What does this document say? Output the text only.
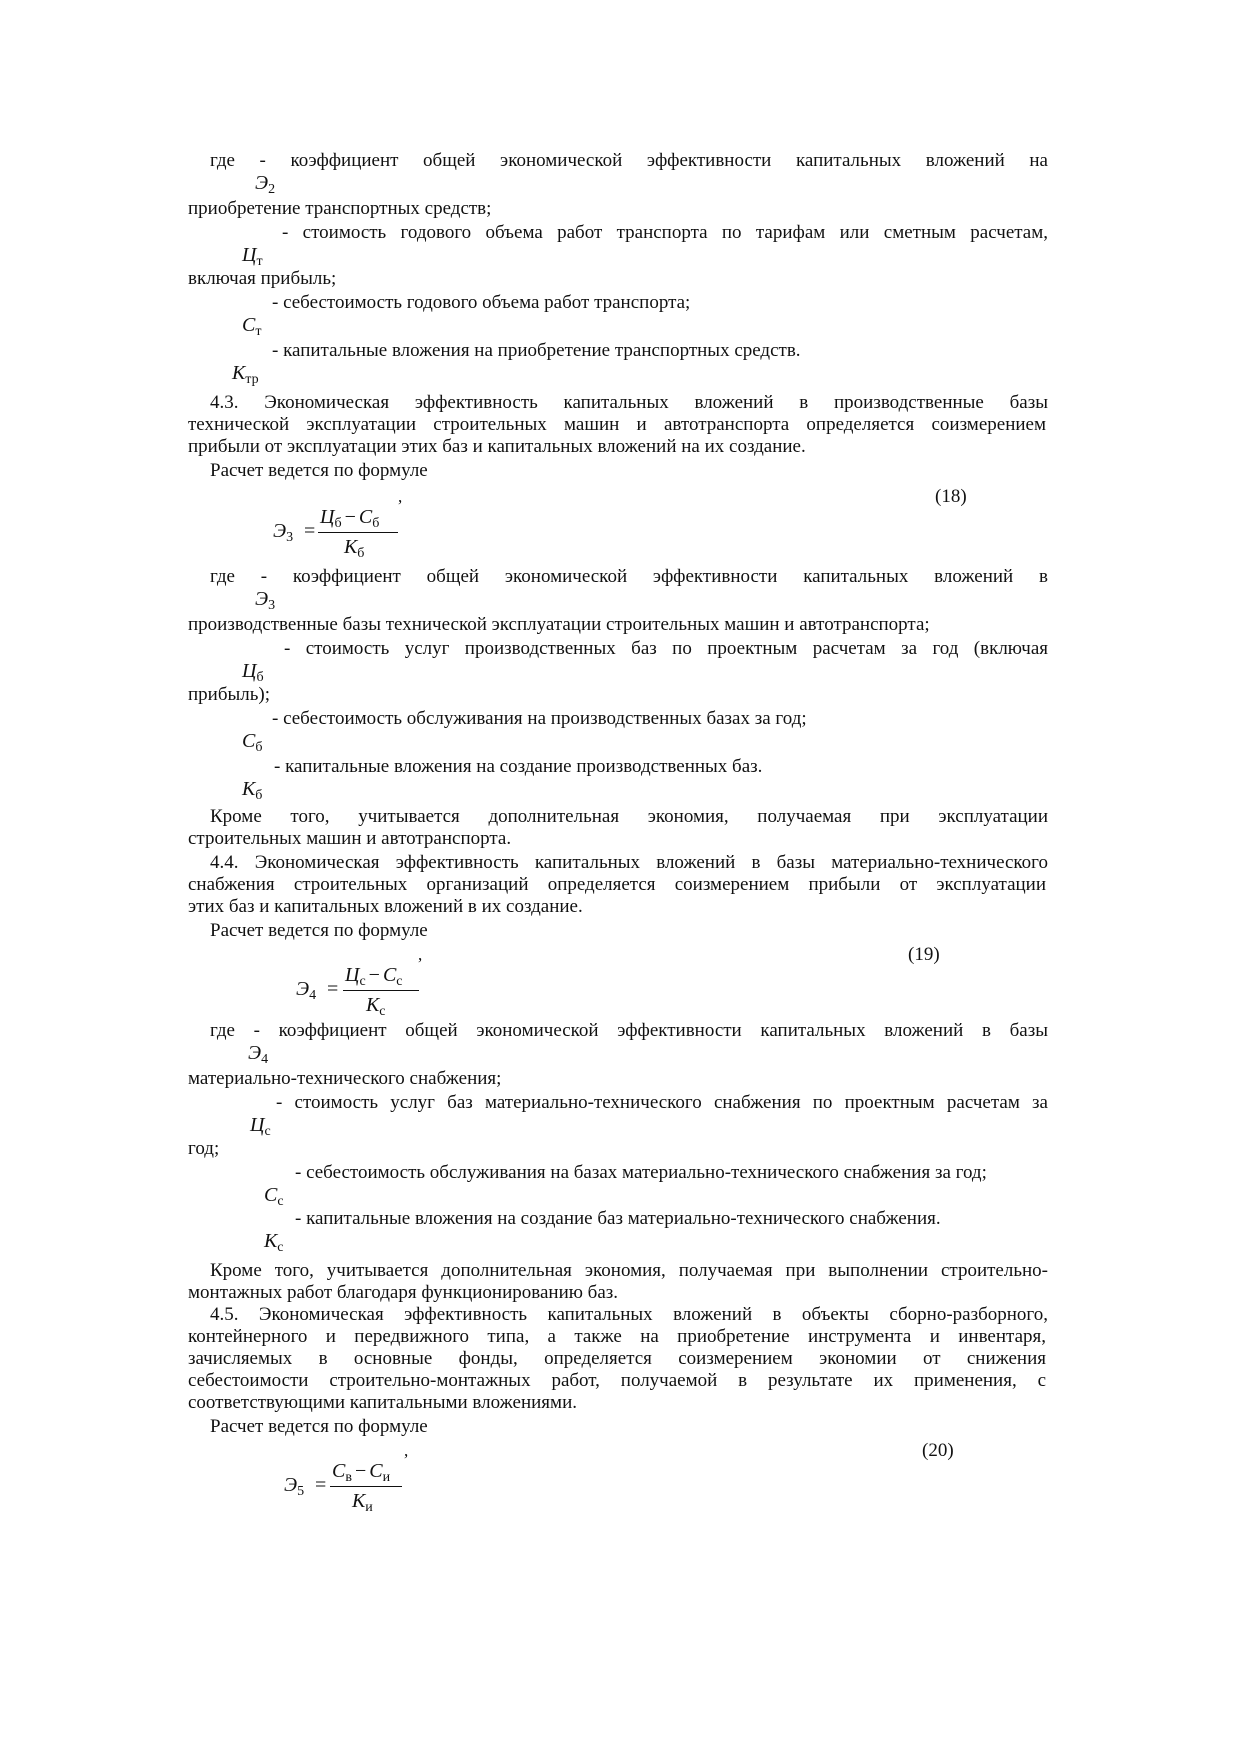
где - коэффициент общей экономической эффективности капитальных вложений на
$Э_2$
приобретение транспортных средств;
- стоимость годового объема работ транспорта по тарифам или сметным расчетам,
$Ц_т$
включая прибыль;
- себестоимость годового объема работ транспорта;
$С_т$
- капитальные вложения на приобретение транспортных средств.
$К_{тр}$
4.3. Экономическая эффективность капитальных вложений в производственные базы
технической эксплуатации строительных машин и автотранспорта определяется соизмерением
прибыли от эксплуатации этих баз и капитальных вложений на их создание.
Расчет ведется по формуле
,	(18)
$Э_3$ =
$Ц_б - С_б$
$К_б$
где - коэффициент общей экономической эффективности капитальных вложений в
$Э_3$
производственные базы технической эксплуатации строительных машин и автотранспорта;
- стоимость услуг производственных баз по проектным расчетам за год (включая
$Ц_б$
прибыль);
- себестоимость обслуживания на производственных базах за год;
$С_б$
- капитальные вложения на создание производственных баз.
$К_б$
Кроме того, учитывается дополнительная экономия, получаемая при эксплуатации
строительных машин и автотранспорта.
4.4. Экономическая эффективность капитальных вложений в базы материально-технического
снабжения строительных организаций определяется соизмерением прибыли от эксплуатации
этих баз и капитальных вложений в их создание.
Расчет ведется по формуле
,	(19)
$Э_4$ =
$Ц_с - С_с$
$К_с$
где - коэффициент общей экономической эффективности капитальных вложений в базы
$Э_4$
материально-технического снабжения;
- стоимость услуг баз материально-технического снабжения по проектным расчетам за
$Ц_с$
год;
- себестоимость обслуживания на базах материально-технического снабжения за год;
$С_с$
- капитальные вложения на создание баз материально-технического снабжения.
$К_с$
Кроме того, учитывается дополнительная экономия, получаемая при выполнении строительно-
монтажных работ благодаря функционированию баз.
4.5. Экономическая эффективность капитальных вложений в объекты сборно-разборного,
контейнерного и передвижного типа, а также на приобретение инструмента и инвентаря,
зачисляемых в основные фонды, определяется соизмерением экономии от снижения
себестоимости строительно-монтажных работ, получаемой в результате их применения, с
соответствующими капитальными вложениями.
Расчет ведется по формуле
,	(20)
$Э_5$ =
$С_в - С_и$
$К_и$
